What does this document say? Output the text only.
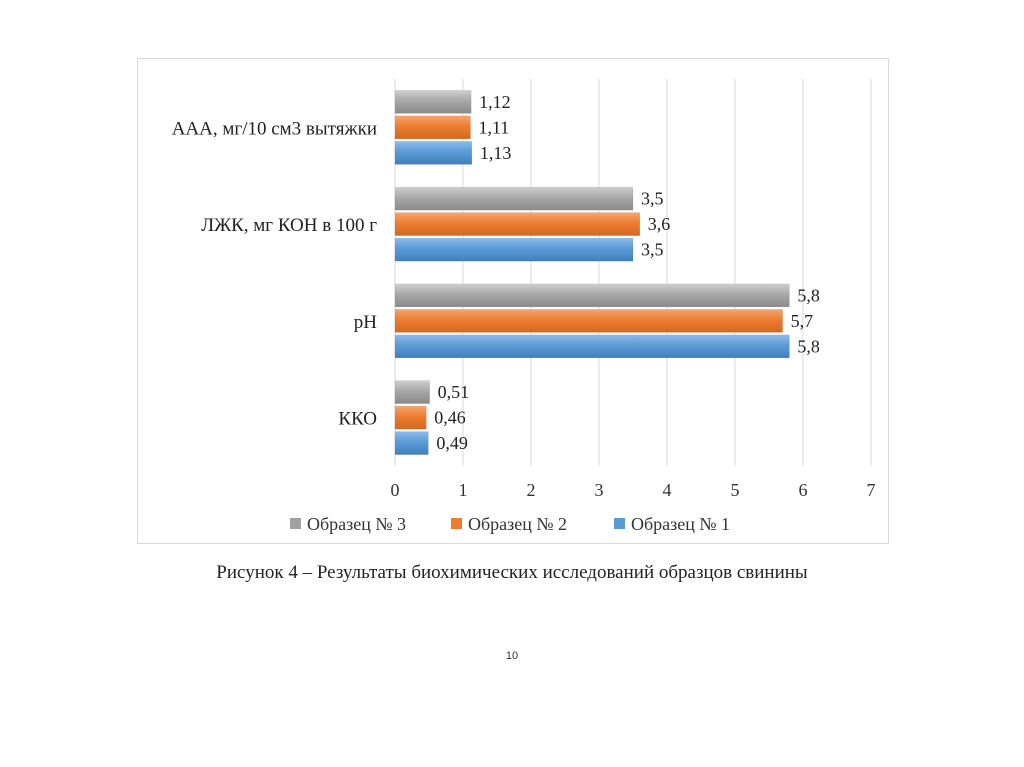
1,12
1,11
1,13
3,5
3,6
3,5
5,8
5,7
5,8
0,51
0,46
0,49
0	1	2	3	4	5	6	7
ААА, мг/10 см3 вытяжки
ЛЖК, мг КОН в 100 г
рН
ККО
Образец № 3	Образец № 2	Образец № 1
Рисунок 4 – Результаты биохимических исследований образцов свинины
10
